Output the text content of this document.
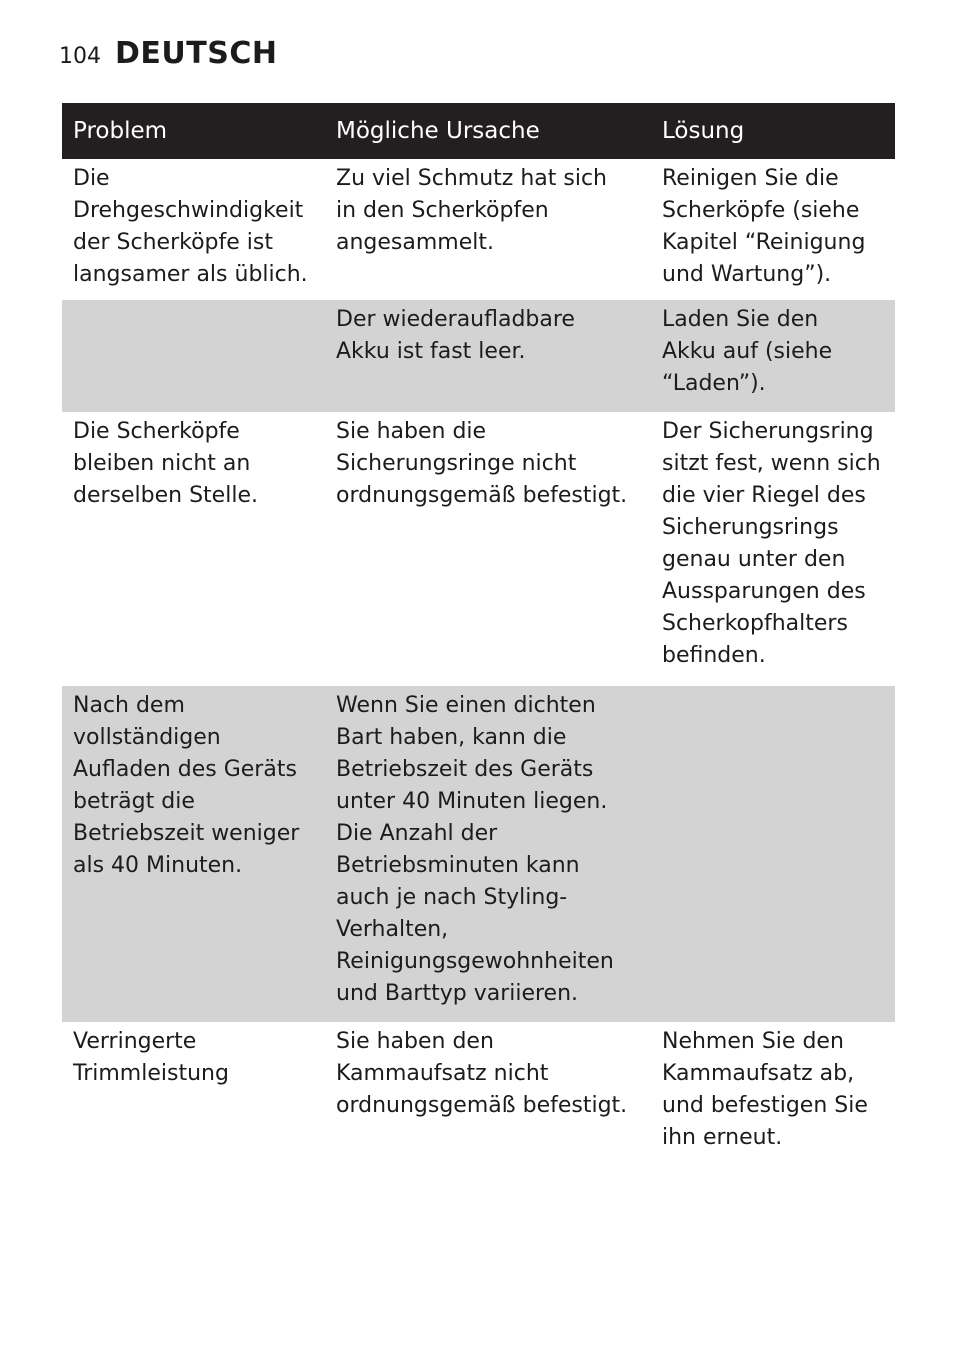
104 DEUTSCH
Problem	Mögliche Ursache	Lösung
Die
Drehgeschwindigkeit
der Scherköpfe ist
langsamer als üblich.
Zu viel Schmutz hat sich
in den Scherköpfen
angesammelt.
Reinigen Sie die
Scherköpfe (siehe
Kapitel “Reinigung
und Wartung”).
Der wiederaufladbare
Akku ist fast leer.
Laden Sie den
Akku auf (siehe
“Laden”).
Die Scherköpfe
bleiben nicht an
derselben Stelle.
Sie haben die
Sicherungsringe nicht
ordnungsgemäß befestigt.
Der Sicherungsring
sitzt fest, wenn sich
die vier Riegel des
Sicherungsrings
genau unter den
Aussparungen des
Scherkopfhalters
befinden.
Nach dem
vollständigen
Aufladen des Geräts
beträgt die
Betriebszeit weniger
als 40 Minuten.
Wenn Sie einen dichten
Bart haben, kann die
Betriebszeit des Geräts
unter 40 Minuten liegen.
Die Anzahl der
Betriebsminuten kann
auch je nach Styling-
Verhalten,
Reinigungsgewohnheiten
und Barttyp variieren.
Verringerte
Trimmleistung
Sie haben den
Kammaufsatz nicht
ordnungsgemäß befestigt.
Nehmen Sie den
Kammaufsatz ab,
und befestigen Sie
ihn erneut.
